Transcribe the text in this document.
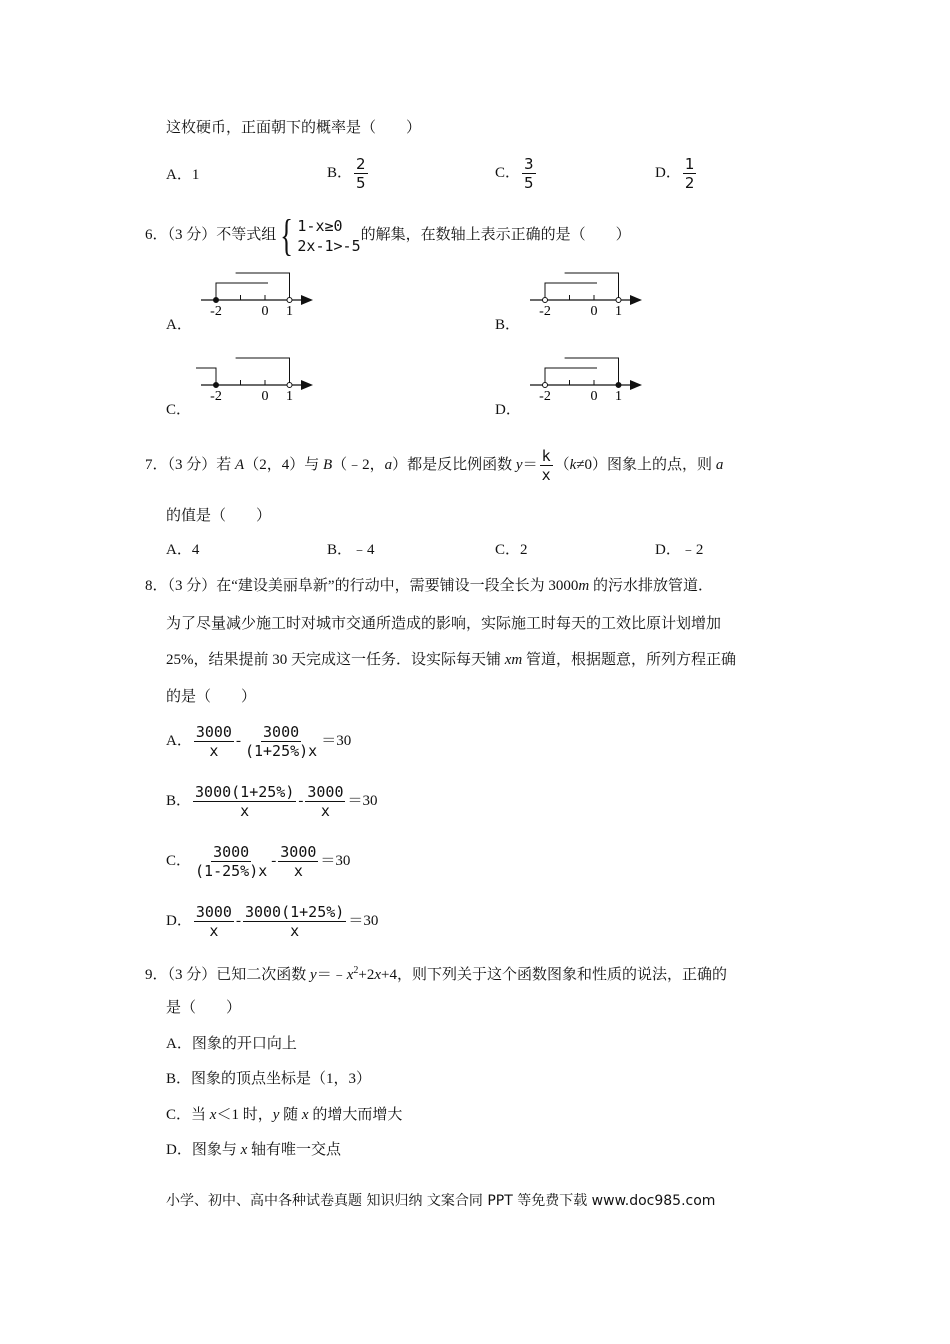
这枚硬币，正面朝下的概率是（　　）
A．1	B． $\frac{2}{5}$	C． $\frac{3}{5}$	D． $\frac{1}{2}$
6．（3 分）不等式组 { 1-x≥0
2x-1>-5
的解集，在数轴上表示正确的是（　　）
A．
-2	0 1
B．
-2	0 1
C．
-2	0 1
D．
-2	0 1
7．（3 分）若 A（2，4）与 B（﹣2，a）都是反比例函数 $y= \frac{k}{x} (k\ne 0)$图象上的点，则 a
的值是（　　）
A．4	B．﹣4	C．2	D．﹣2
8．（3 分）在“建设美丽阜新”的行动中，需要铺设一段全长为 3000m 的污水排放管道．
为了尽量减少施工时对城市交通所造成的影响，实际施工时每天的工效比原计划增加
25%，结果提前 30 天完成这一任务．设实际每天铺 xm 管道，根据题意，所列方程正确
的是（　　）
A． $\frac{3000}{x} - \frac{3000}{(1+25\%)x} =30$
B． $\frac{3000(1+25\%)}{x} - \frac{3000}{x} =30$
C． $\frac{3000}{(1-25\%)x} - \frac{3000}{x} =30$
D． $\frac{3000}{x} - \frac{3000(1+25\%)}{x} =30$
9．（3 分）已知二次函数 $y=﹣x^2+2x+4$，则下列关于这个函数图象和性质的说法，正确的
是（　　）
A．图象的开口向上
B．图象的顶点坐标是（1，3）
C．当 x＜1 时，y 随 x 的增大而增大
D．图象与 x 轴有唯一交点
小学、初中、高中各种试卷真题 知识归纳 文案合同 PPT 等免费下载 www.doc985.com
